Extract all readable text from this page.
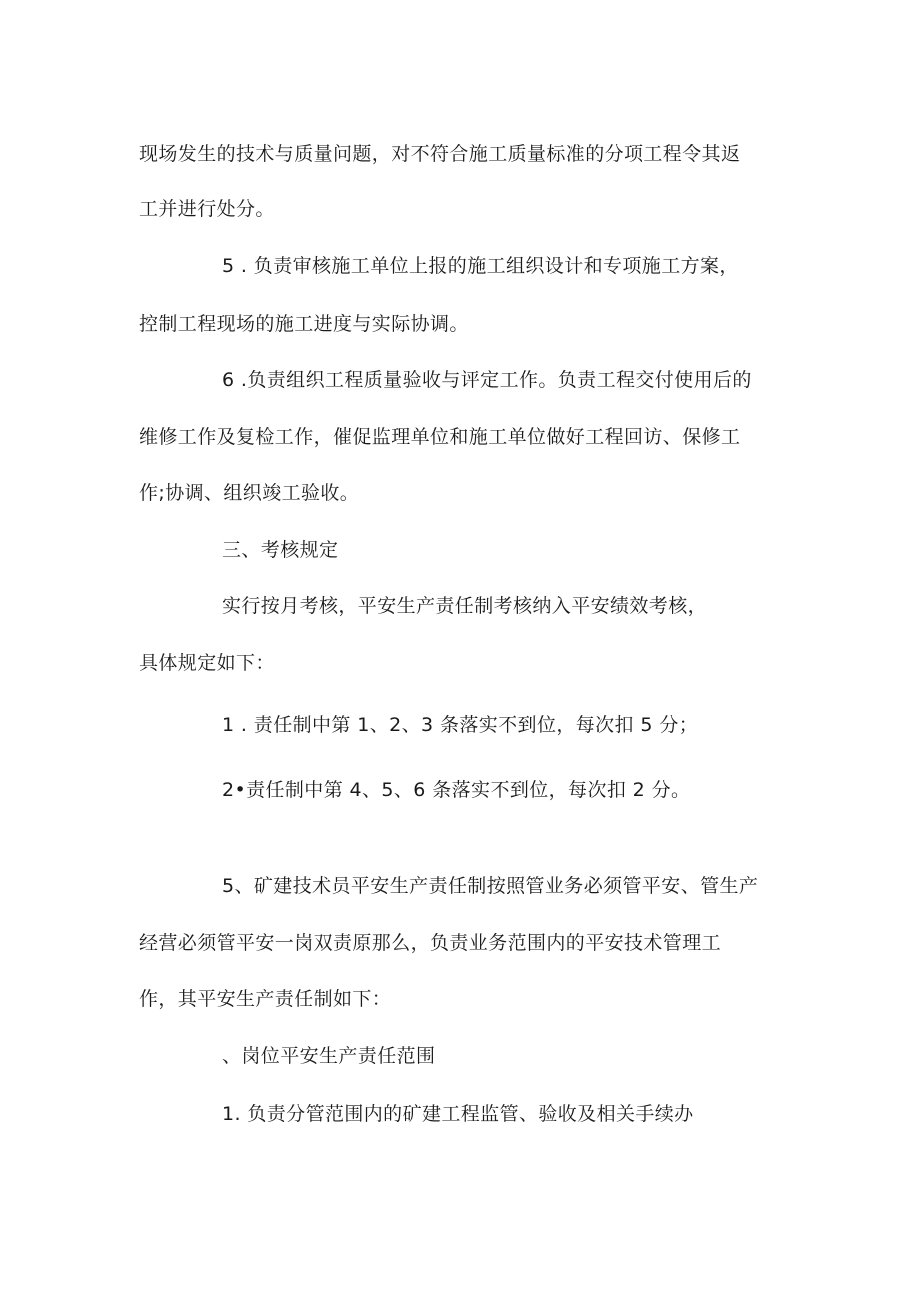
现场发生的技术与质量问题，对不符合施工质量标准的分项工程令其返
工并进行处分。
5 . 负责审核施工单位上报的施工组织设计和专项施工方案，
控制工程现场的施工进度与实际协调。
6 .负责组织工程质量验收与评定工作。负责工程交付使用后的
维修工作及复检工作，催促监理单位和施工单位做好工程回访、保修工
作;协调、组织竣工验收。
三、考核规定
实行按月考核，平安生产责任制考核纳入平安绩效考核，
具体规定如下：
1 . 责任制中第 1、2、3 条落实不到位，每次扣 5 分；
2•责任制中第 4、5、6 条落实不到位，每次扣 2 分。
5、矿建技术员平安生产责任制按照管业务必须管平安、管生产
经营必须管平安一岗双责原那么，负责业务范围内的平安技术管理工
作，其平安生产责任制如下：
、岗位平安生产责任范围
1. 负责分管范围内的矿建工程监管、验收及相关手续办
